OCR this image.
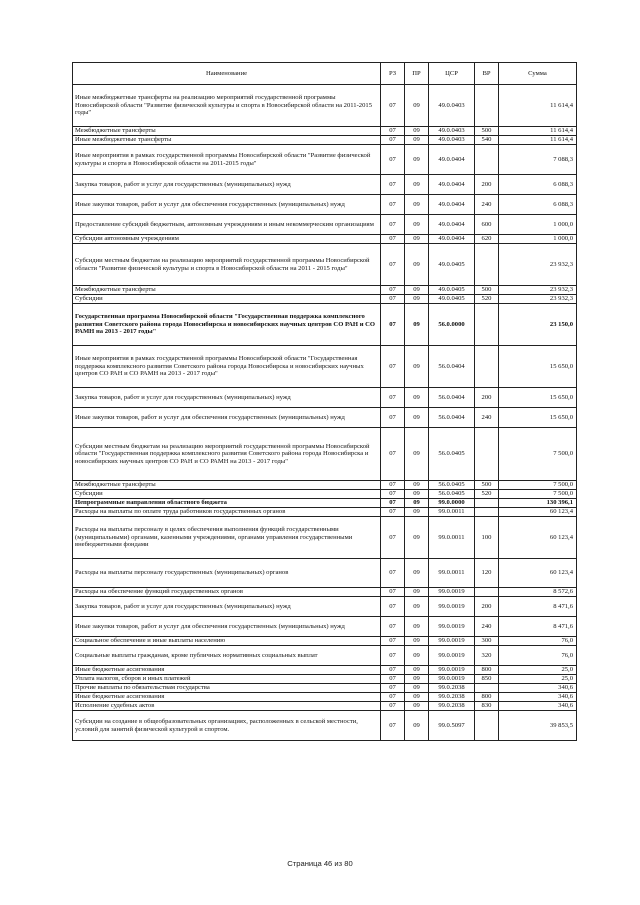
Наименование	РЗ	ПР	ЦСР	ВР	Сумма
Иные межбюджетные трансферты на реализацию мероприятий государственной программы Новосибирской области "Развитие физической культуры и спорта в Новосибирской области на 2011-2015 годы"	07	09	49.0.0403		11 614,4
Межбюджетные трансферты	07	09	49.0.0403	500	11 614,4
Иные межбюджетные трансферты	07	09	49.0.0403	540	11 614,4
Иные мероприятия в рамках государственной программы Новосибирской области "Развитие физической культуры и спорта в Новосибирской области на 2011-2015 годы"	07	09	49.0.0404		7 088,3
Закупка товаров, работ и услуг для государственных (муниципальных) нужд	07	09	49.0.0404	200	6 088,3
Иные закупки товаров, работ и услуг для обеспечения государственных (муниципальных) нужд	07	09	49.0.0404	240	6 088,3
Предоставление субсидий бюджетным, автономным учреждениям и иным некоммерческим организациям	07	09	49.0.0404	600	1 000,0
Субсидии автономным учреждениям	07	09	49.0.0404	620	1 000,0
Субсидии местным бюджетам на реализацию мероприятий государственной программы Новосибирской области "Развитие физической культуры и спорта в Новосибирской области на 2011 - 2015 годы"	07	09	49.0.0405		23 932,3
Межбюджетные трансферты	07	09	49.0.0405	500	23 932,3
Субсидии	07	09	49.0.0405	520	23 932,3
Государственная программа Новосибирской области "Государственная поддержка комплексного развития Советского района города Новосибирска и новосибирских научных центров СО РАН и СО РАМН на 2013 - 2017 годы"	07	09	56.0.0000		23 150,0
Иные мероприятия в рамках государственной программы Новосибирской области "Государственная поддержка комплексного развития Советского района города Новосибирска и новосибирских научных центров СО РАН и СО РАМН на 2013 - 2017 годы"	07	09	56.0.0404		15 650,0
Закупка товаров, работ и услуг для государственных (муниципальных) нужд	07	09	56.0.0404	200	15 650,0
Иные закупки товаров, работ и услуг для обеспечения государственных (муниципальных) нужд	07	09	56.0.0404	240	15 650,0
Субсидии местным бюджетам на реализацию мероприятий государственной программы Новосибирской области "Государственная поддержка комплексного развития Советского района города Новосибирска и новосибирских научных центров СО РАН и СО РАМН на 2013 - 2017 годы"	07	09	56.0.0405		7 500,0
Межбюджетные трансферты	07	09	56.0.0405	500	7 500,0
Субсидии	07	09	56.0.0405	520	7 500,0
Непрограммные направления областного бюджета	07	09	99.0.0000		130 396,1
Расходы на выплаты по оплате труда работников государственных органов	07	09	99.0.0011		60 123,4
Расходы на выплаты персоналу в целях обеспечения выполнения функций государственными (муниципальными) органами, казенными учреждениями, органами управления государственными внебюджетными фондами	07	09	99.0.0011	100	60 123,4
Расходы на выплаты персоналу государственных (муниципальных) органов	07	09	99.0.0011	120	60 123,4
Расходы на обеспечение функций государственных органов	07	09	99.0.0019		8 572,6
Закупка товаров, работ и услуг для государственных (муниципальных) нужд	07	09	99.0.0019	200	8 471,6
Иные закупки товаров, работ и услуг для обеспечения государственных (муниципальных) нужд	07	09	99.0.0019	240	8 471,6
Социальное обеспечение и иные выплаты населению	07	09	99.0.0019	300	76,0
Социальные выплаты гражданам, кроме публичных нормативных социальных выплат	07	09	99.0.0019	320	76,0
Иные бюджетные ассигнования	07	09	99.0.0019	800	25,0
Уплата налогов, сборов и иных платежей	07	09	99.0.0019	850	25,0
Прочие выплаты по обязательствам государства	07	09	99.0.2038		340,6
Иные бюджетные ассигнования	07	09	99.0.2038	800	340,6
Исполнение судебных актов	07	09	99.0.2038	830	340,6
Субсидии на создание в общеобразовательных организациях, расположенных в сельской местности, условий для занятий физической культурой и спортом.	07	09	99.0.5097		39 853,5
Страница 46 из 80
